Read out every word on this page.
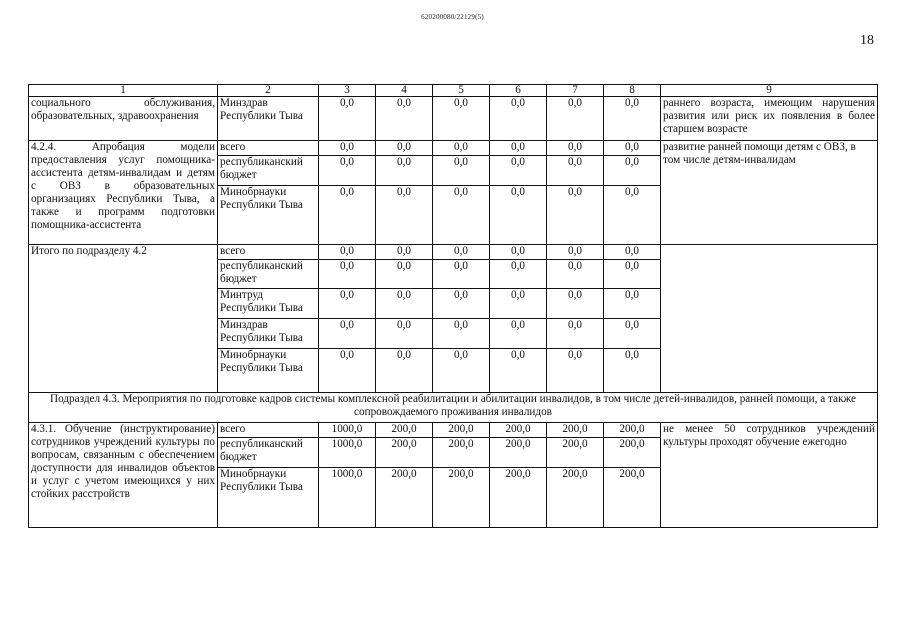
620200080/22129(5)
18
1	2	3	4	5	6	7	8	9
социального обслуживания, образовательных, здравоохранения	Минздрав Республики Тыва	0,0	0,0	0,0	0,0	0,0	0,0	раннего возраста, имеющим нарушения развития или риск их появления в более старшем возрасте
4.2.4. Апробация модели предоставления услуг помощника-ассистента детям-инвалидам и детям с ОВЗ в образовательных организациях Республики Тыва, а также и программ подготовки помощника-ассистента	всего	0,0	0,0	0,0	0,0	0,0	0,0	развитие ранней помощи детям с ОВЗ, в том числе детям-инвалидам
	республиканский бюджет	0,0	0,0	0,0	0,0	0,0	0,0	
	Минобрнауки Республики Тыва	0,0	0,0	0,0	0,0	0,0	0,0	
Итого по подразделу 4.2	всего	0,0	0,0	0,0	0,0	0,0	0,0	
	республиканский бюджет	0,0	0,0	0,0	0,0	0,0	0,0	
	Минтруд Республики Тыва	0,0	0,0	0,0	0,0	0,0	0,0	
	Минздрав Республики Тыва	0,0	0,0	0,0	0,0	0,0	0,0	
	Минобрнауки Республики Тыва	0,0	0,0	0,0	0,0	0,0	0,0	
Подраздел 4.3. Мероприятия по подготовке кадров системы комплексной реабилитации и абилитации инвалидов, в том числе детей-инвалидов, ранней помощи, а также сопровождаемого проживания инвалидов								
4.3.1. Обучение (инструктирование) сотрудников учреждений культуры по вопросам, связанным с обеспечением доступности для инвалидов объектов и услуг с учетом имеющихся у них стойких расстройств	всего	1000,0	200,0	200,0	200,0	200,0	200,0	не менее 50 сотрудников учреждений культуры проходят обучение ежегодно
	республиканский бюджет	1000,0	200,0	200,0	200,0	200,0	200,0	
	Минобрнауки Республики Тыва	1000,0	200,0	200,0	200,0	200,0	200,0	
